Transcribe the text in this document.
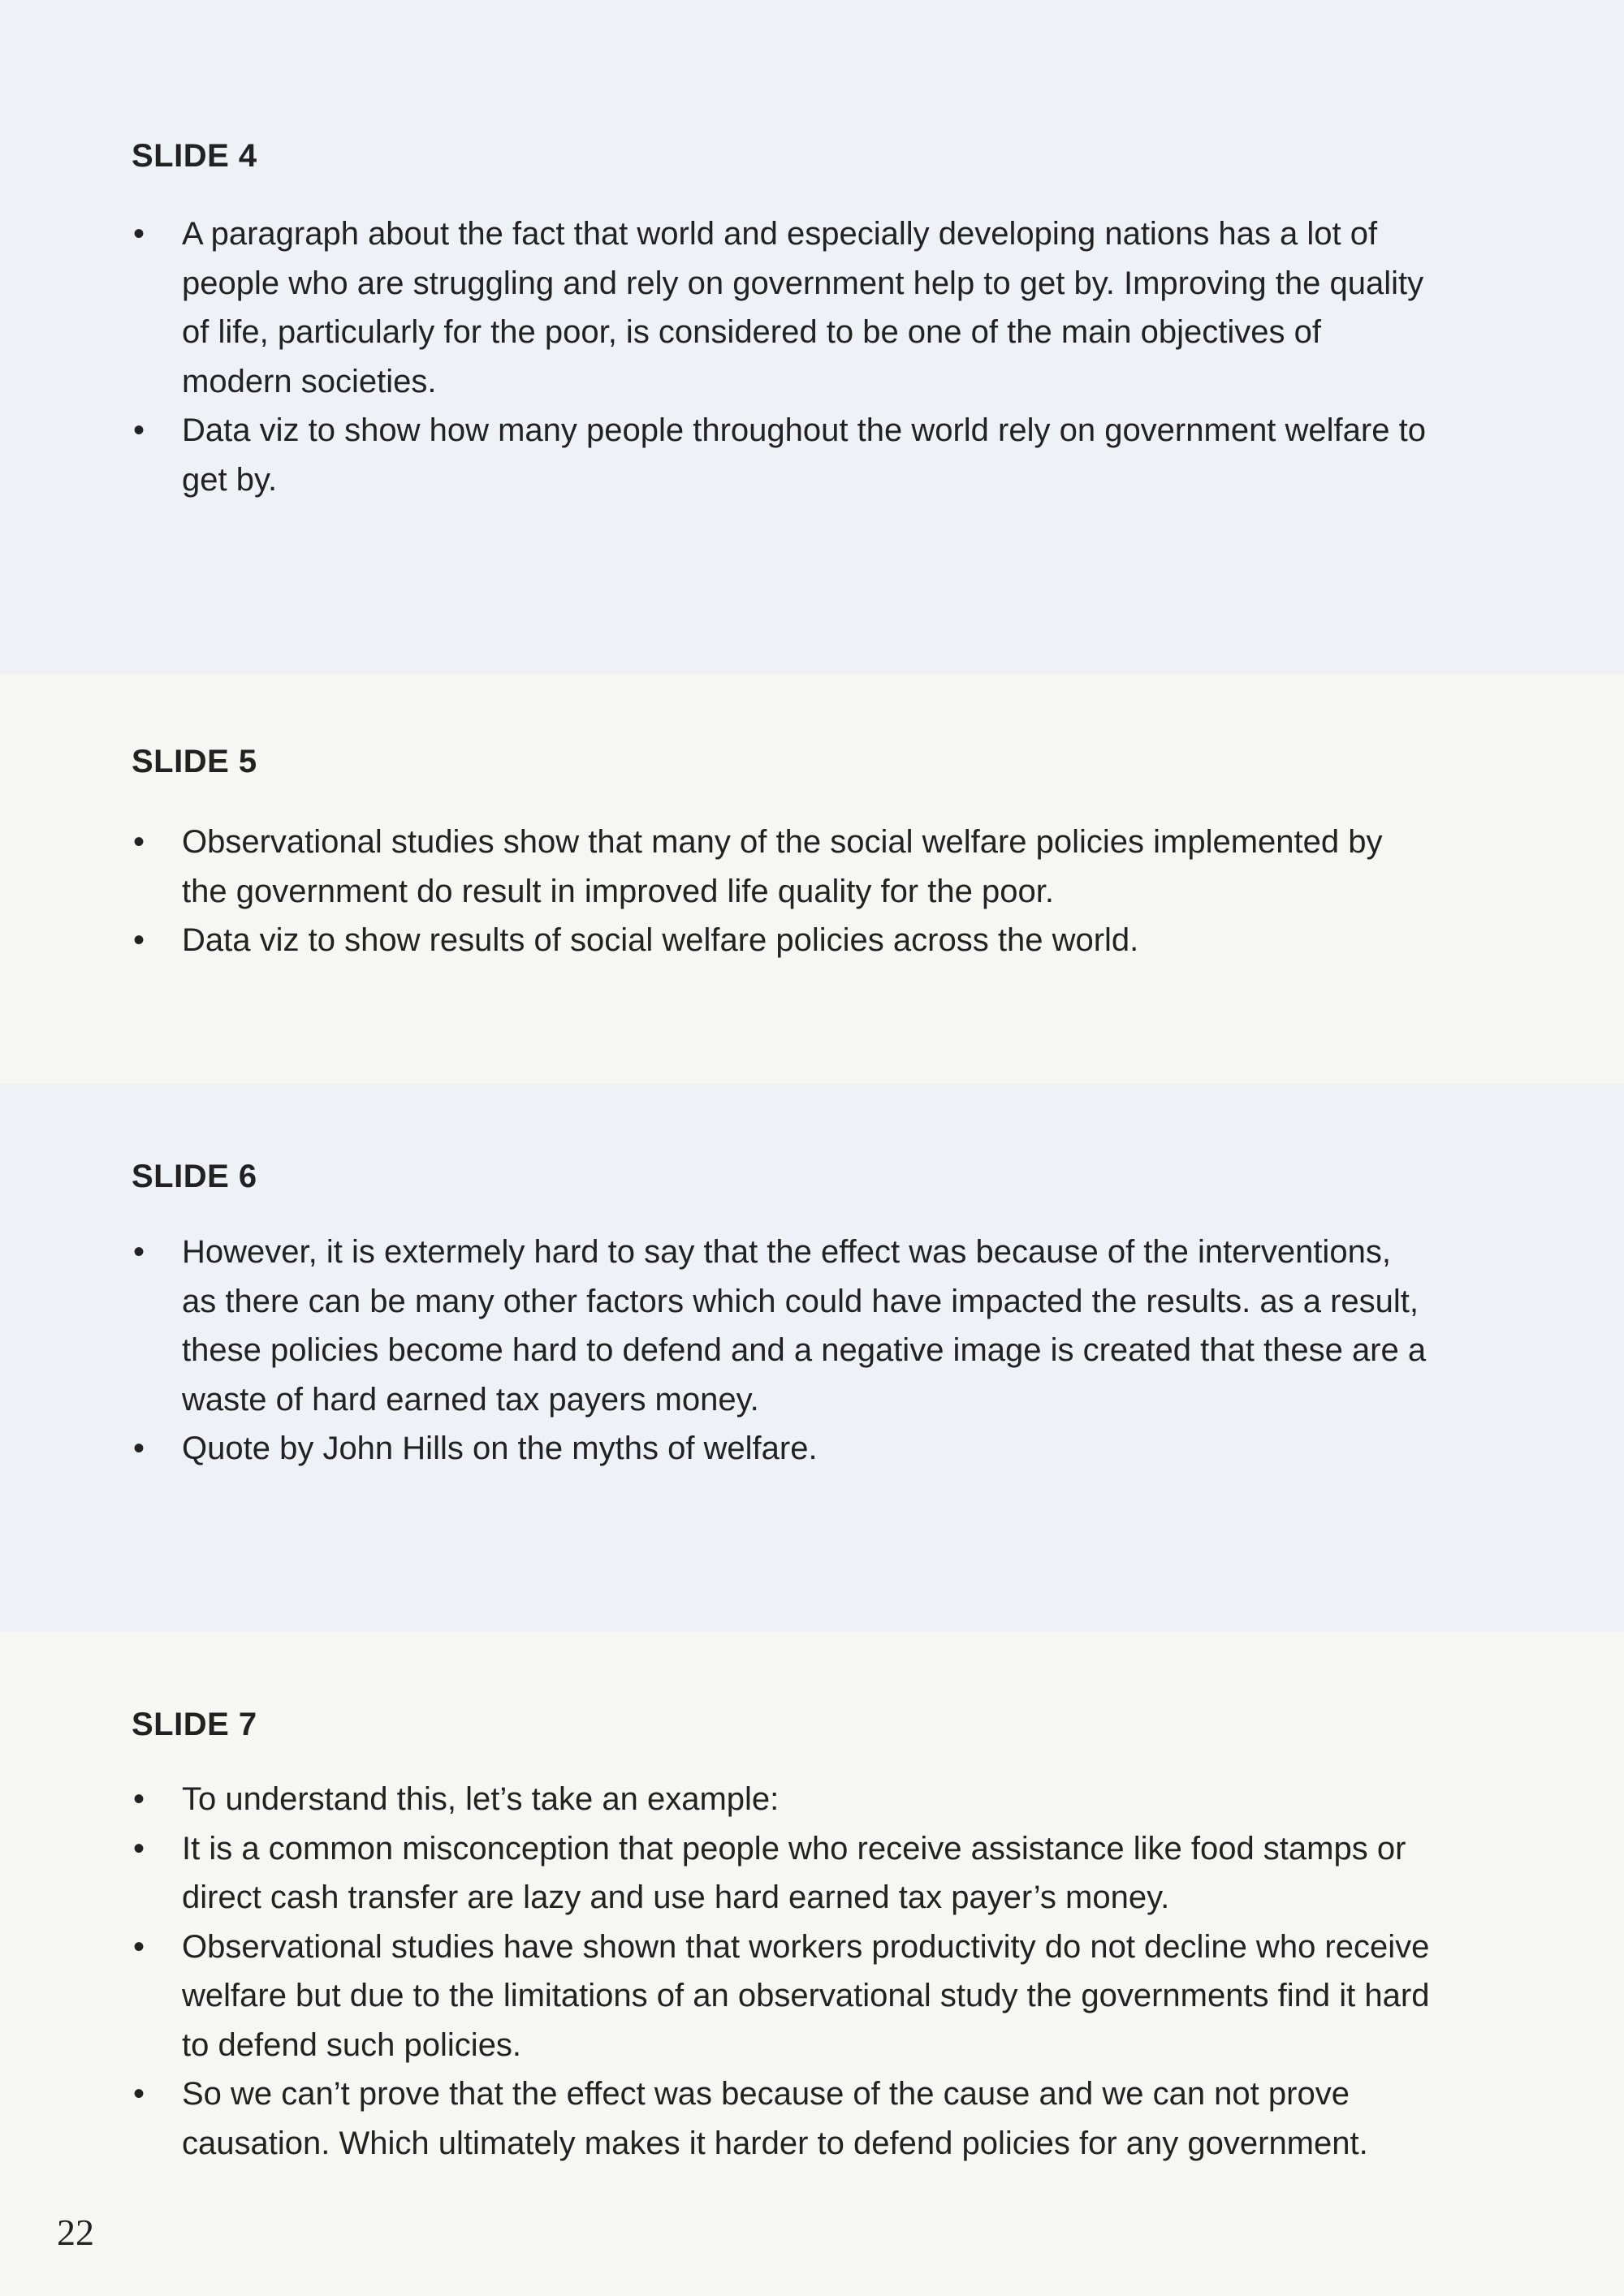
SLIDE 4
• A paragraph about the fact that world and especially developing nations has a lot of people who are struggling and rely on government help to get by. Improving the quality of life, particularly for the poor, is considered to be one of the main objectives of modern societies.
• Data viz to show how many people throughout the world rely on government welfare to get by.
SLIDE 5
• Observational studies show that many of the social welfare policies implemented by the government do result in improved life quality for the poor.
• Data viz to show results of social welfare policies across the world.
SLIDE 6
• However, it is extermely hard to say that the effect was because of the interventions, as there can be many other factors which could have impacted the results. as a result, these policies become hard to defend and a negative image is created that these are a waste of hard earned tax payers money.
• Quote by John Hills on the myths of welfare.
SLIDE 7
• To understand this, let’s take an example:
• It is a common misconception that people who receive assistance like food stamps or direct cash transfer are lazy and use hard earned tax payer’s money.
• Observational studies have shown that workers productivity do not decline who receive welfare but due to the limitations of an observational study the governments find it hard to defend such policies.
• So we can’t prove that the effect was because of the cause and we can not prove causation. Which ultimately makes it harder to defend policies for any government.
22
